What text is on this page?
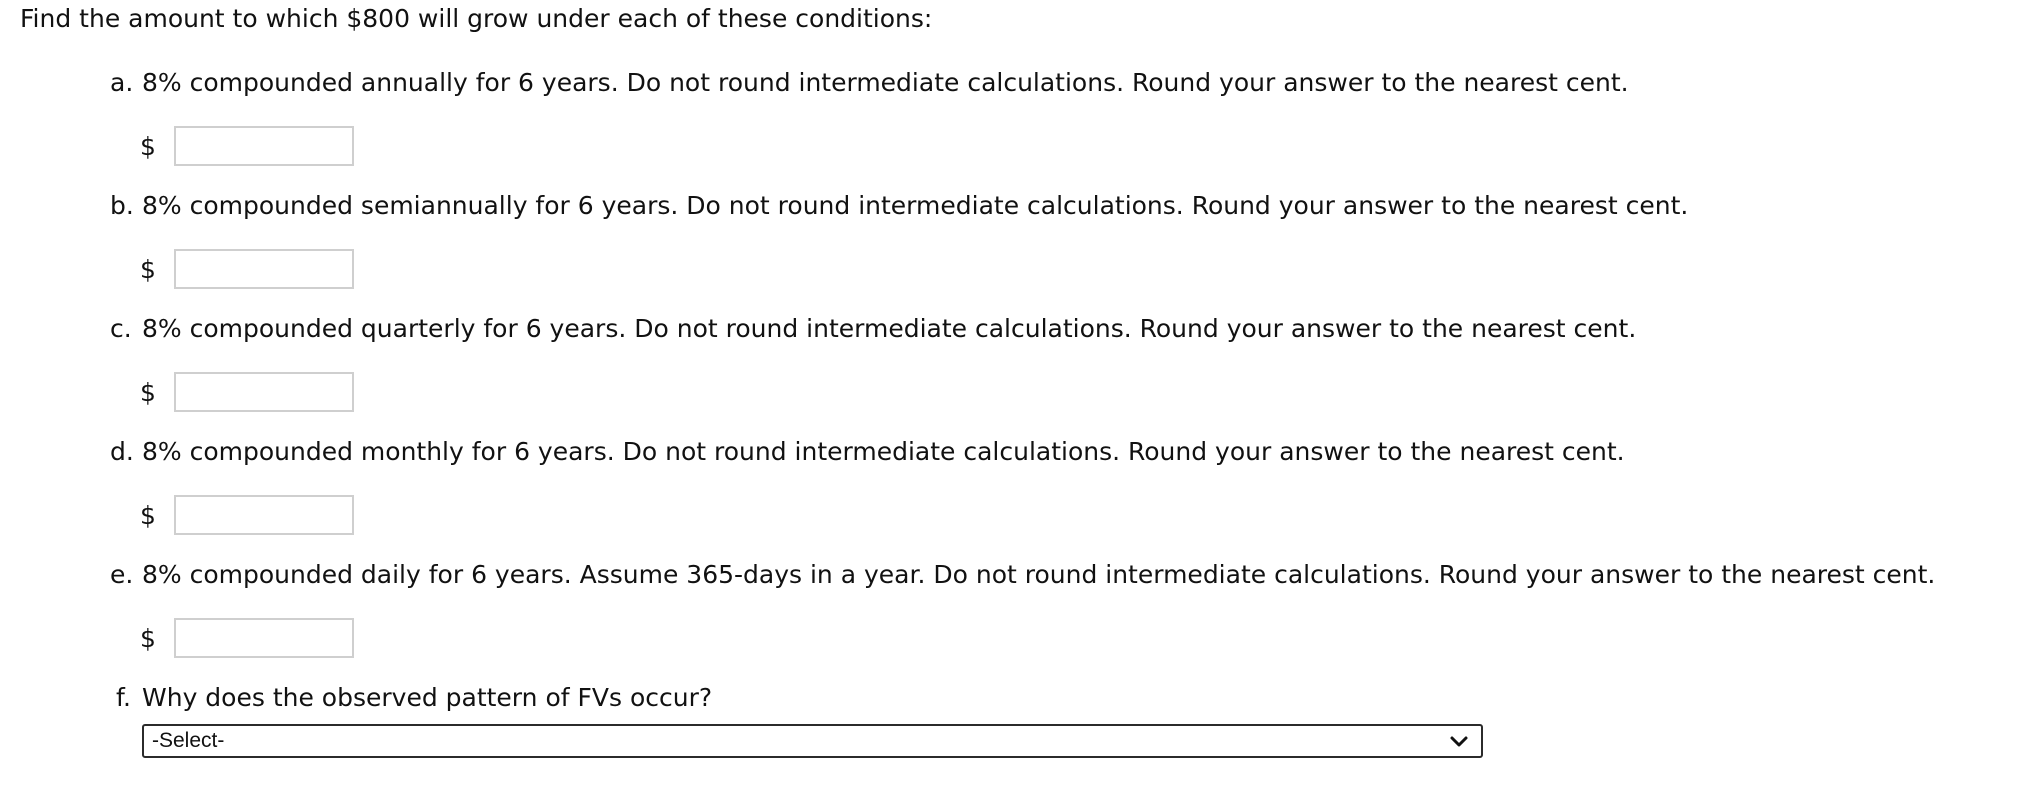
Find the amount to which $800 will grow under each of these conditions:
a. 8% compounded annually for 6 years. Do not round intermediate calculations. Round your answer to the nearest cent.
$
b. 8% compounded semiannually for 6 years. Do not round intermediate calculations. Round your answer to the nearest cent.
$
c. 8% compounded quarterly for 6 years. Do not round intermediate calculations. Round your answer to the nearest cent.
$
d. 8% compounded monthly for 6 years. Do not round intermediate calculations. Round your answer to the nearest cent.
$
e. 8% compounded daily for 6 years. Assume 365-days in a year. Do not round intermediate calculations. Round your answer to the nearest cent.
$
f. Why does the observed pattern of FVs occur?
-Select-
